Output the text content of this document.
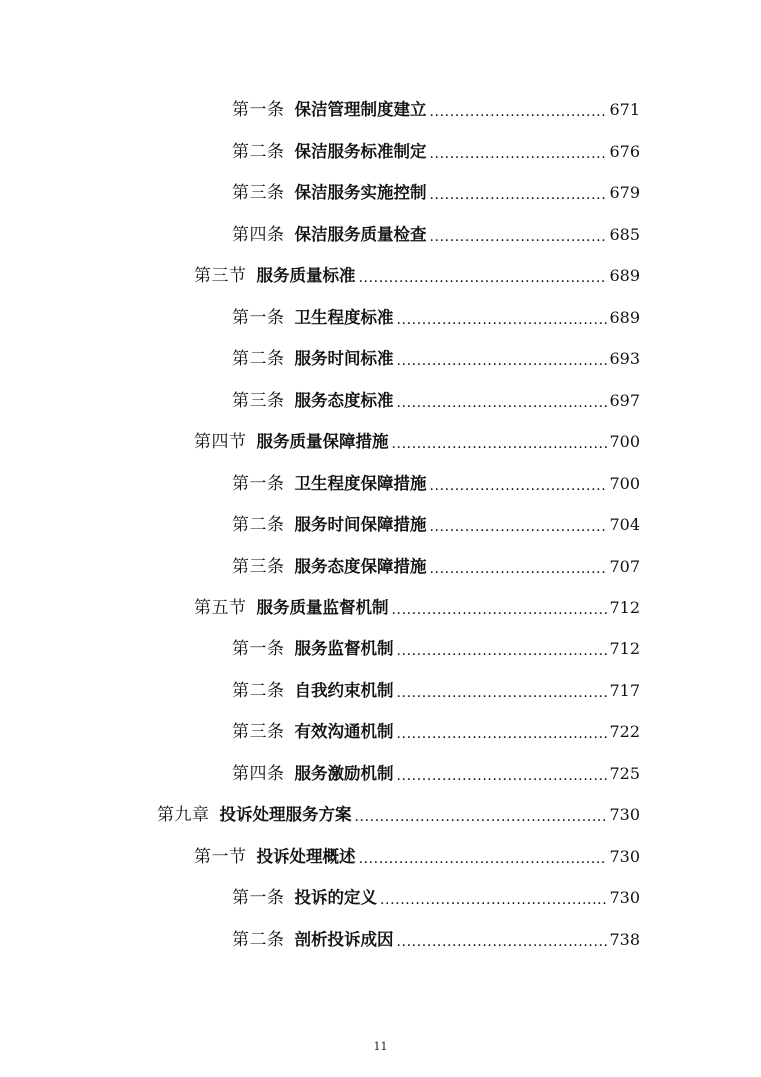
第一条 保洁管理制度建立 .....	671
第二条 保洁服务标准制定 .....	676
第三条 保洁服务实施控制 .....	679
第四条 保洁服务质量检查 .....	685
第三节 服务质量标准 .....	689
第一条 卫生程度标准 .....	689
第二条 服务时间标准 .....	693
第三条 服务态度标准 .....	697
第四节 服务质量保障措施 .....	700
第一条 卫生程度保障措施 .....	700
第二条 服务时间保障措施 .....	704
第三条 服务态度保障措施 .....	707
第五节 服务质量监督机制 .....	712
第一条 服务监督机制 .....	712
第二条 自我约束机制 .....	717
第三条 有效沟通机制 .....	722
第四条 服务激励机制 .....	725
第九章 投诉处理服务方案 .....	730
第一节 投诉处理概述 .....	730
第一条 投诉的定义 .....	730
第二条 剖析投诉成因 .....	738
11
